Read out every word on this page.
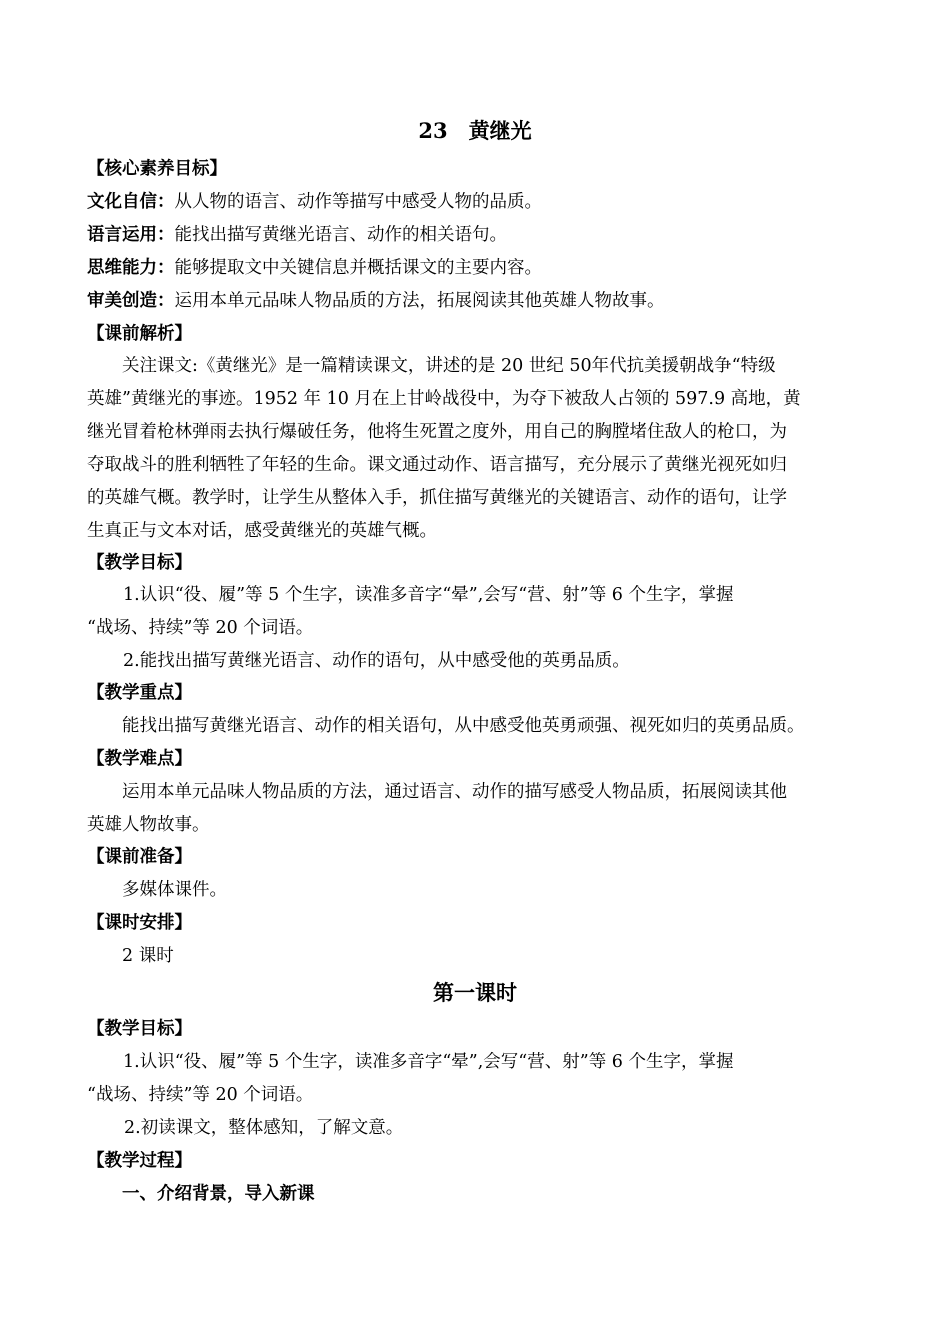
23　黄继光
【核心素养目标】
文化自信：从人物的语言、动作等描写中感受人物的品质。
语言运用：能找出描写黄继光语言、动作的相关语句。
思维能力：能够提取文中关键信息并概括课文的主要内容。
审美创造：运用本单元品味人物品质的方法，拓展阅读其他英雄人物故事。
【课前解析】
关注课文:《黄继光》是一篇精读课文，讲述的是 20 世纪 50年代抗美援朝战争“特级
英雄”黄继光的事迹。1952 年 10 月在上甘岭战役中，为夺下被敌人占领的 597.9 高地，黄
继光冒着枪林弹雨去执行爆破任务，他将生死置之度外，用自己的胸膛堵住敌人的枪口，为
夺取战斗的胜利牺牲了年轻的生命。课文通过动作、语言描写，充分展示了黄继光视死如归
的英雄气概。教学时，让学生从整体入手，抓住描写黄继光的关键语言、动作的语句，让学
生真正与文本对话，感受黄继光的英雄气概。
【教学目标】
1.认识“役、履”等 5 个生字，读准多音字“晕”,会写“营、射”等 6 个生字，掌握
“战场、持续”等 20 个词语。
2.能找出描写黄继光语言、动作的语句，从中感受他的英勇品质。
【教学重点】
能找出描写黄继光语言、动作的相关语句，从中感受他英勇顽强、视死如归的英勇品质。
【教学难点】
运用本单元品味人物品质的方法，通过语言、动作的描写感受人物品质，拓展阅读其他
英雄人物故事。
【课前准备】
多媒体课件。
【课时安排】
2 课时
第一课时
【教学目标】
1.认识“役、履”等 5 个生字，读准多音字“晕”,会写“营、射”等 6 个生字，掌握
“战场、持续”等 20 个词语。
2.初读课文，整体感知，了解文意。
【教学过程】
一、介绍背景，导入新课
